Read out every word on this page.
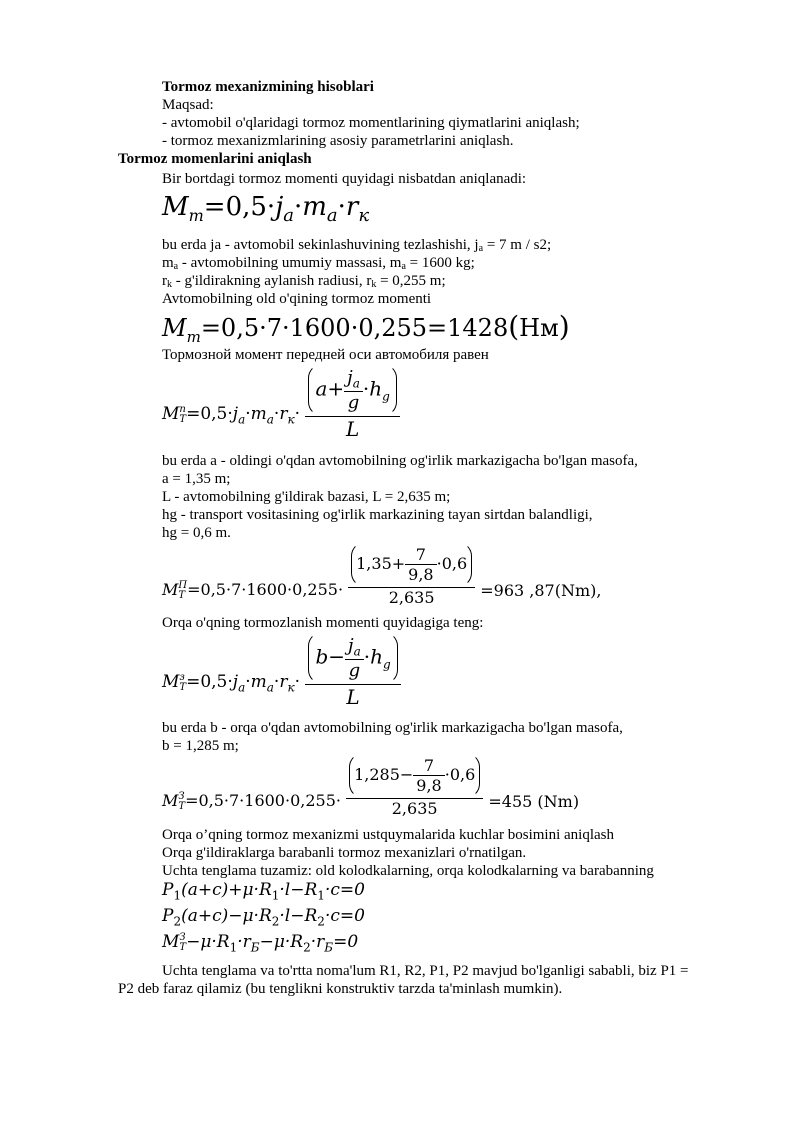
Tormoz mexanizmining hisoblari
Maqsad:
- avtomobil o'qlaridagi tormoz momentlarining qiymatlarini aniqlash;
- tormoz mexanizmlarining asosiy parametrlarini aniqlash.
Tormoz momenlarini aniqlash
Bir bortdagi tormoz momenti quyidagi nisbatdan aniqlanadi:
$M_m=0,5\cdot j_a\cdot m_a\cdot r_к$
bu erda ja - avtomobil sekinlashuvining tezlashishi, $j_a = 7$ m / s2;
$m_a$ - avtomobilning umumiy massasi, $m_a = 1600$ kg;
$r_k$ - g'ildirakning aylanish radiusi, $r_k = 0,255$ m;
Avtomobilning old o'qining tormoz momenti
$M_m=0,5\cdot 7\cdot 1600\cdot 0,255=1428(Нм)$
Тормозной момент передней оси автомобиля равен
M п
$T =0,5\cdot j_a\cdot m_a\cdot r_к\cdot \frac{a+ \frac{j_a}{g} \cdot h_g}{L}$
bu erda a - oldingi o'qdan avtomobilning og'irlik markazigacha bo'lgan masofa,
a = 1,35 m;
L - avtomobilning g'ildirak bazasi, L = 2,635 m;
hg - transport vositasining og'irlik markazining tayan sirtdan balandligi,
hg = 0,6 m.
M П
$T =0,5\cdot 7\cdot 1600\cdot 0,255\cdot \frac{1,35+ \frac{7}{9,8} \cdot 0,6}{2,635} =963$ ,87(Nm),
Orqa o'qning tormozlanish momenti quyidagiga teng:
M з
$T =0,5\cdot j_a\cdot m_a\cdot r_к\cdot \frac{b- \frac{j_a}{g} \cdot h_g}{L}$
bu erda b - orqa o'qdan avtomobilning og'irlik markazigacha bo'lgan masofa,
b = 1,285 m;
M З
$T =0,5\cdot 7\cdot 1600\cdot 0,255\cdot \frac{1,285- \frac{7}{9,8} \cdot 0,6}{2,635} =455$ (Nm)
Orqa o’qning tormoz mexanizmi ustquymalarida kuchlar bosimini aniqlash
Orqa g'ildiraklarga barabanli tormoz mexanizlari o'rnatilgan.
Uchta tenglama tuzamiz: old kolodkalarning, orqa kolodkalarning va barabanning
$P_1(a+c)+\mu\cdot R_1\cdot l-R_1\cdot c=0$
$P_2(a+c)-\mu\cdot R_2\cdot l-R_2\cdot c=0$
M З
$T -\mu\cdot R_1\cdot r_Б-\mu\cdot R_2\cdot r_Б=0$
Uchta tenglama va to'rtta noma'lum R1, R2, P1, P2 mavjud bo'lganligi sababli, biz P1 =
P2 deb faraz qilamiz (bu tenglikni konstruktiv tarzda ta'minlash mumkin).
